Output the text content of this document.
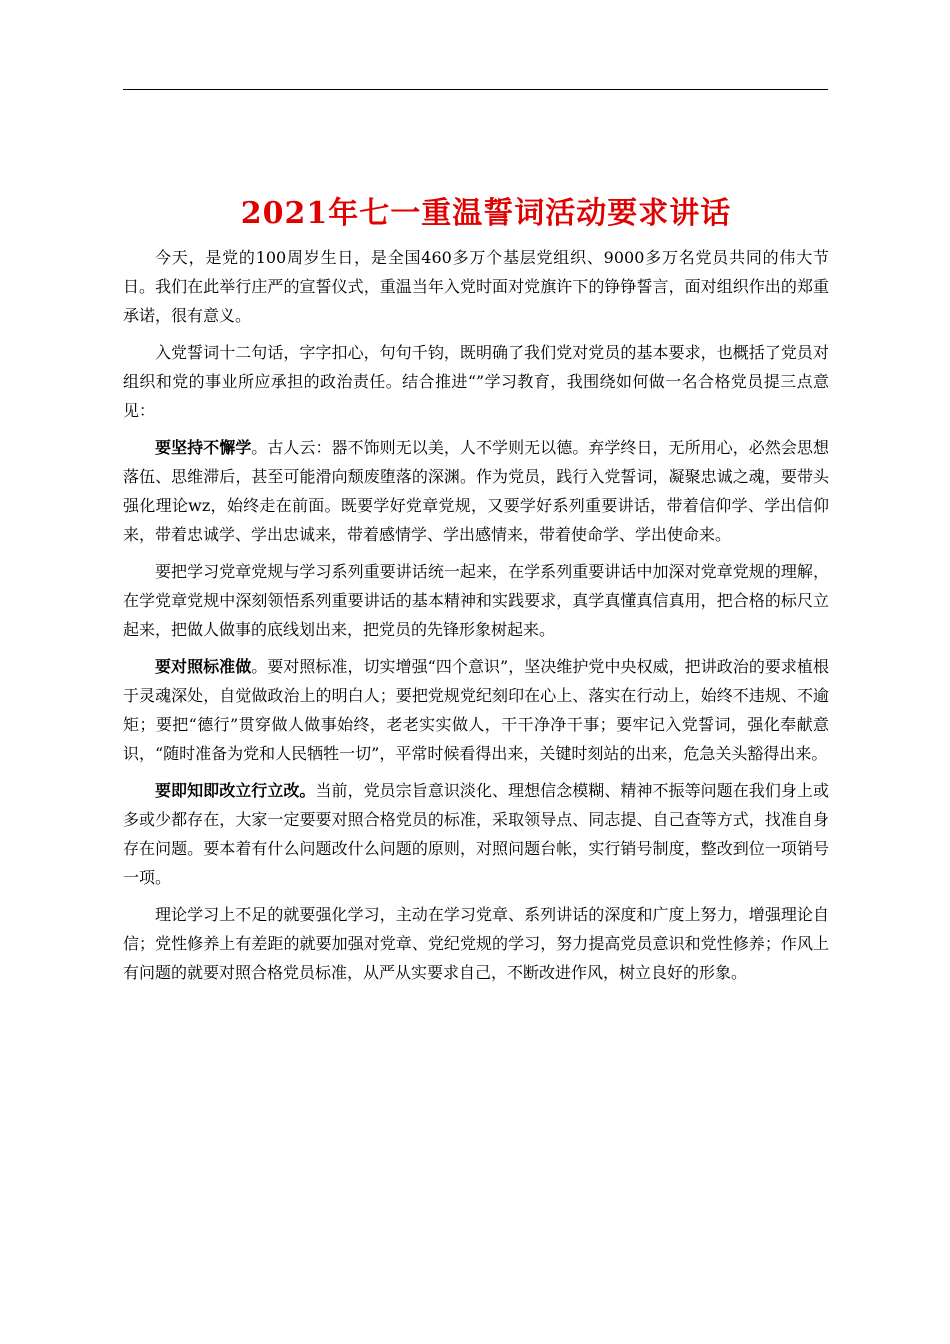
2021年七一重温誓词活动要求讲话

今天，是党的100周岁生日，是全国460多万个基层党组织、9000多万名党员共同的伟大节日。我们在此举行庄严的宣誓仪式，重温当年入党时面对党旗许下的铮铮誓言，面对组织作出的郑重承诺，很有意义。

入党誓词十二句话，字字扣心，句句千钧，既明确了我们党对党员的基本要求，也概括了党员对组织和党的事业所应承担的政治责任。结合推进“”学习教育，我围绕如何做一名合格党员提三点意见：

要坚持不懈学。古人云：器不饰则无以美，人不学则无以德。弃学终日，无所用心，必然会思想落伍、思维滞后，甚至可能滑向颓废堕落的深渊。作为党员，践行入党誓词，凝聚忠诚之魂，要带头强化理论wz，始终走在前面。既要学好党章党规，又要学好系列重要讲话，带着信仰学、学出信仰来，带着忠诚学、学出忠诚来，带着感情学、学出感情来，带着使命学、学出使命来。

要把学习党章党规与学习系列重要讲话统一起来，在学系列重要讲话中加深对党章党规的理解，在学党章党规中深刻领悟系列重要讲话的基本精神和实践要求，真学真懂真信真用，把合格的标尺立起来，把做人做事的底线划出来，把党员的先锋形象树起来。

要对照标准做。要对照标准，切实增强“四个意识”，坚决维护党中央权威，把讲政治的要求植根于灵魂深处，自觉做政治上的明白人；要把党规党纪刻印在心上、落实在行动上，始终不违规、不逾矩；要把“德行”贯穿做人做事始终，老老实实做人，干干净净干事；要牢记入党誓词，强化奉献意识，“随时准备为党和人民牺牲一切”，平常时候看得出来，关键时刻站的出来，危急关头豁得出来。

要即知即改立行立改。当前，党员宗旨意识淡化、理想信念模糊、精神不振等问题在我们身上或多或少都存在，大家一定要要对照合格党员的标准，采取领导点、同志提、自己查等方式，找准自身存在问题。要本着有什么问题改什么问题的原则，对照问题台帐，实行销号制度，整改到位一项销号一项。

理论学习上不足的就要强化学习，主动在学习党章、系列讲话的深度和广度上努力，增强理论自信；党性修养上有差距的就要加强对党章、党纪党规的学习，努力提高党员意识和党性修养；作风上有问题的就要对照合格党员标准，从严从实要求自己，不断改进作风，树立良好的形象。
